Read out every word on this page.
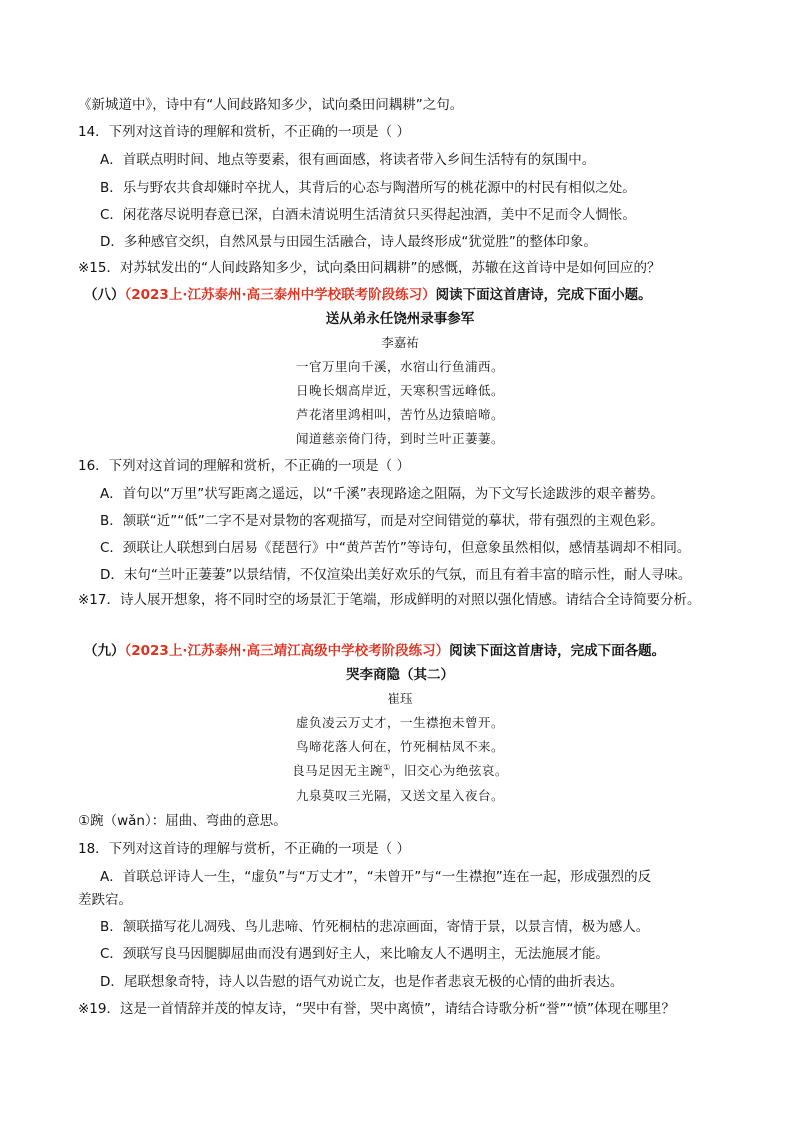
《新城道中》，诗中有“人间歧路知多少，试向桑田问耦耕”之句。
14．下列对这首诗的理解和赏析，不正确的一项是（ ）
A．首联点明时间、地点等要素，很有画面感，将读者带入乡间生活特有的氛围中。
B．乐与野农共食却嫌时卒扰人，其背后的心态与陶潜所写的桃花源中的村民有相似之处。
C．闲花落尽说明春意已深，白酒未清说明生活清贫只买得起浊酒，美中不足而令人惆怅。
D．多种感官交织，自然风景与田园生活融合，诗人最终形成“犹觉胜”的整体印象。
※15．对苏轼发出的“人间歧路知多少，试向桑田问耦耕”的感慨，苏辙在这首诗中是如何回应的？
（八）（2023上·江苏泰州·高三泰州中学校联考阶段练习）阅读下面这首唐诗，完成下面小题。
送从弟永任饶州录事参军
李嘉祐
一官万里向千溪，水宿山行鱼浦西。
日晚长烟高岸近，天寒积雪远峰低。
芦花渚里鸿相叫，苦竹丛边猿暗啼。
闻道慈亲倚门待，到时兰叶正萋萋。
16．下列对这首词的理解和赏析，不正确的一项是（ ）
A．首句以“万里”状写距离之遥远，以“千溪”表现路途之阻隔，为下文写长途跋涉的艰辛蓄势。
B．颔联“近”“低”二字不是对景物的客观描写，而是对空间错觉的摹状，带有强烈的主观色彩。
C．颈联让人联想到白居易《琵琶行》中“黄芦苦竹”等诗句，但意象虽然相似，感情基调却不相同。
D．末句“兰叶正萋萋”以景结情，不仅渲染出美好欢乐的气氛，而且有着丰富的暗示性，耐人寻味。
※17．诗人展开想象，将不同时空的场景汇于笔端，形成鲜明的对照以强化情感。请结合全诗简要分析。
（九）（2023上·江苏泰州·高三靖江高级中学校考阶段练习）阅读下面这首唐诗，完成下面各题。
哭李商隐（其二）
崔珏
虚负凌云万丈才，一生襟抱未曾开。
鸟啼花落人何在，竹死桐枯凤不来。
良马足因无主踠①，旧交心为绝弦哀。
九泉莫叹三光隔，又送文星入夜台。
①踠（wǎn）：屈曲、弯曲的意思。
18．下列对这首诗的理解与赏析，不正确的一项是（ ）
A．首联总评诗人一生，“虚负”与“万丈才”，“未曾开”与“一生襟抱”连在一起，形成强烈的反
差跌宕。
B．颔联描写花儿凋残、鸟儿悲啼、竹死桐枯的悲凉画面，寄情于景，以景言情，极为感人。
C．颈联写良马因腿脚屈曲而没有遇到好主人，来比喻友人不遇明主，无法施展才能。
D．尾联想象奇特，诗人以告慰的语气劝说亡友，也是作者悲哀无极的心情的曲折表达。
※19．这是一首情辞并茂的悼友诗，“哭中有誉，哭中离愤”，请结合诗歌分析“誉”“愤”体现在哪里？
